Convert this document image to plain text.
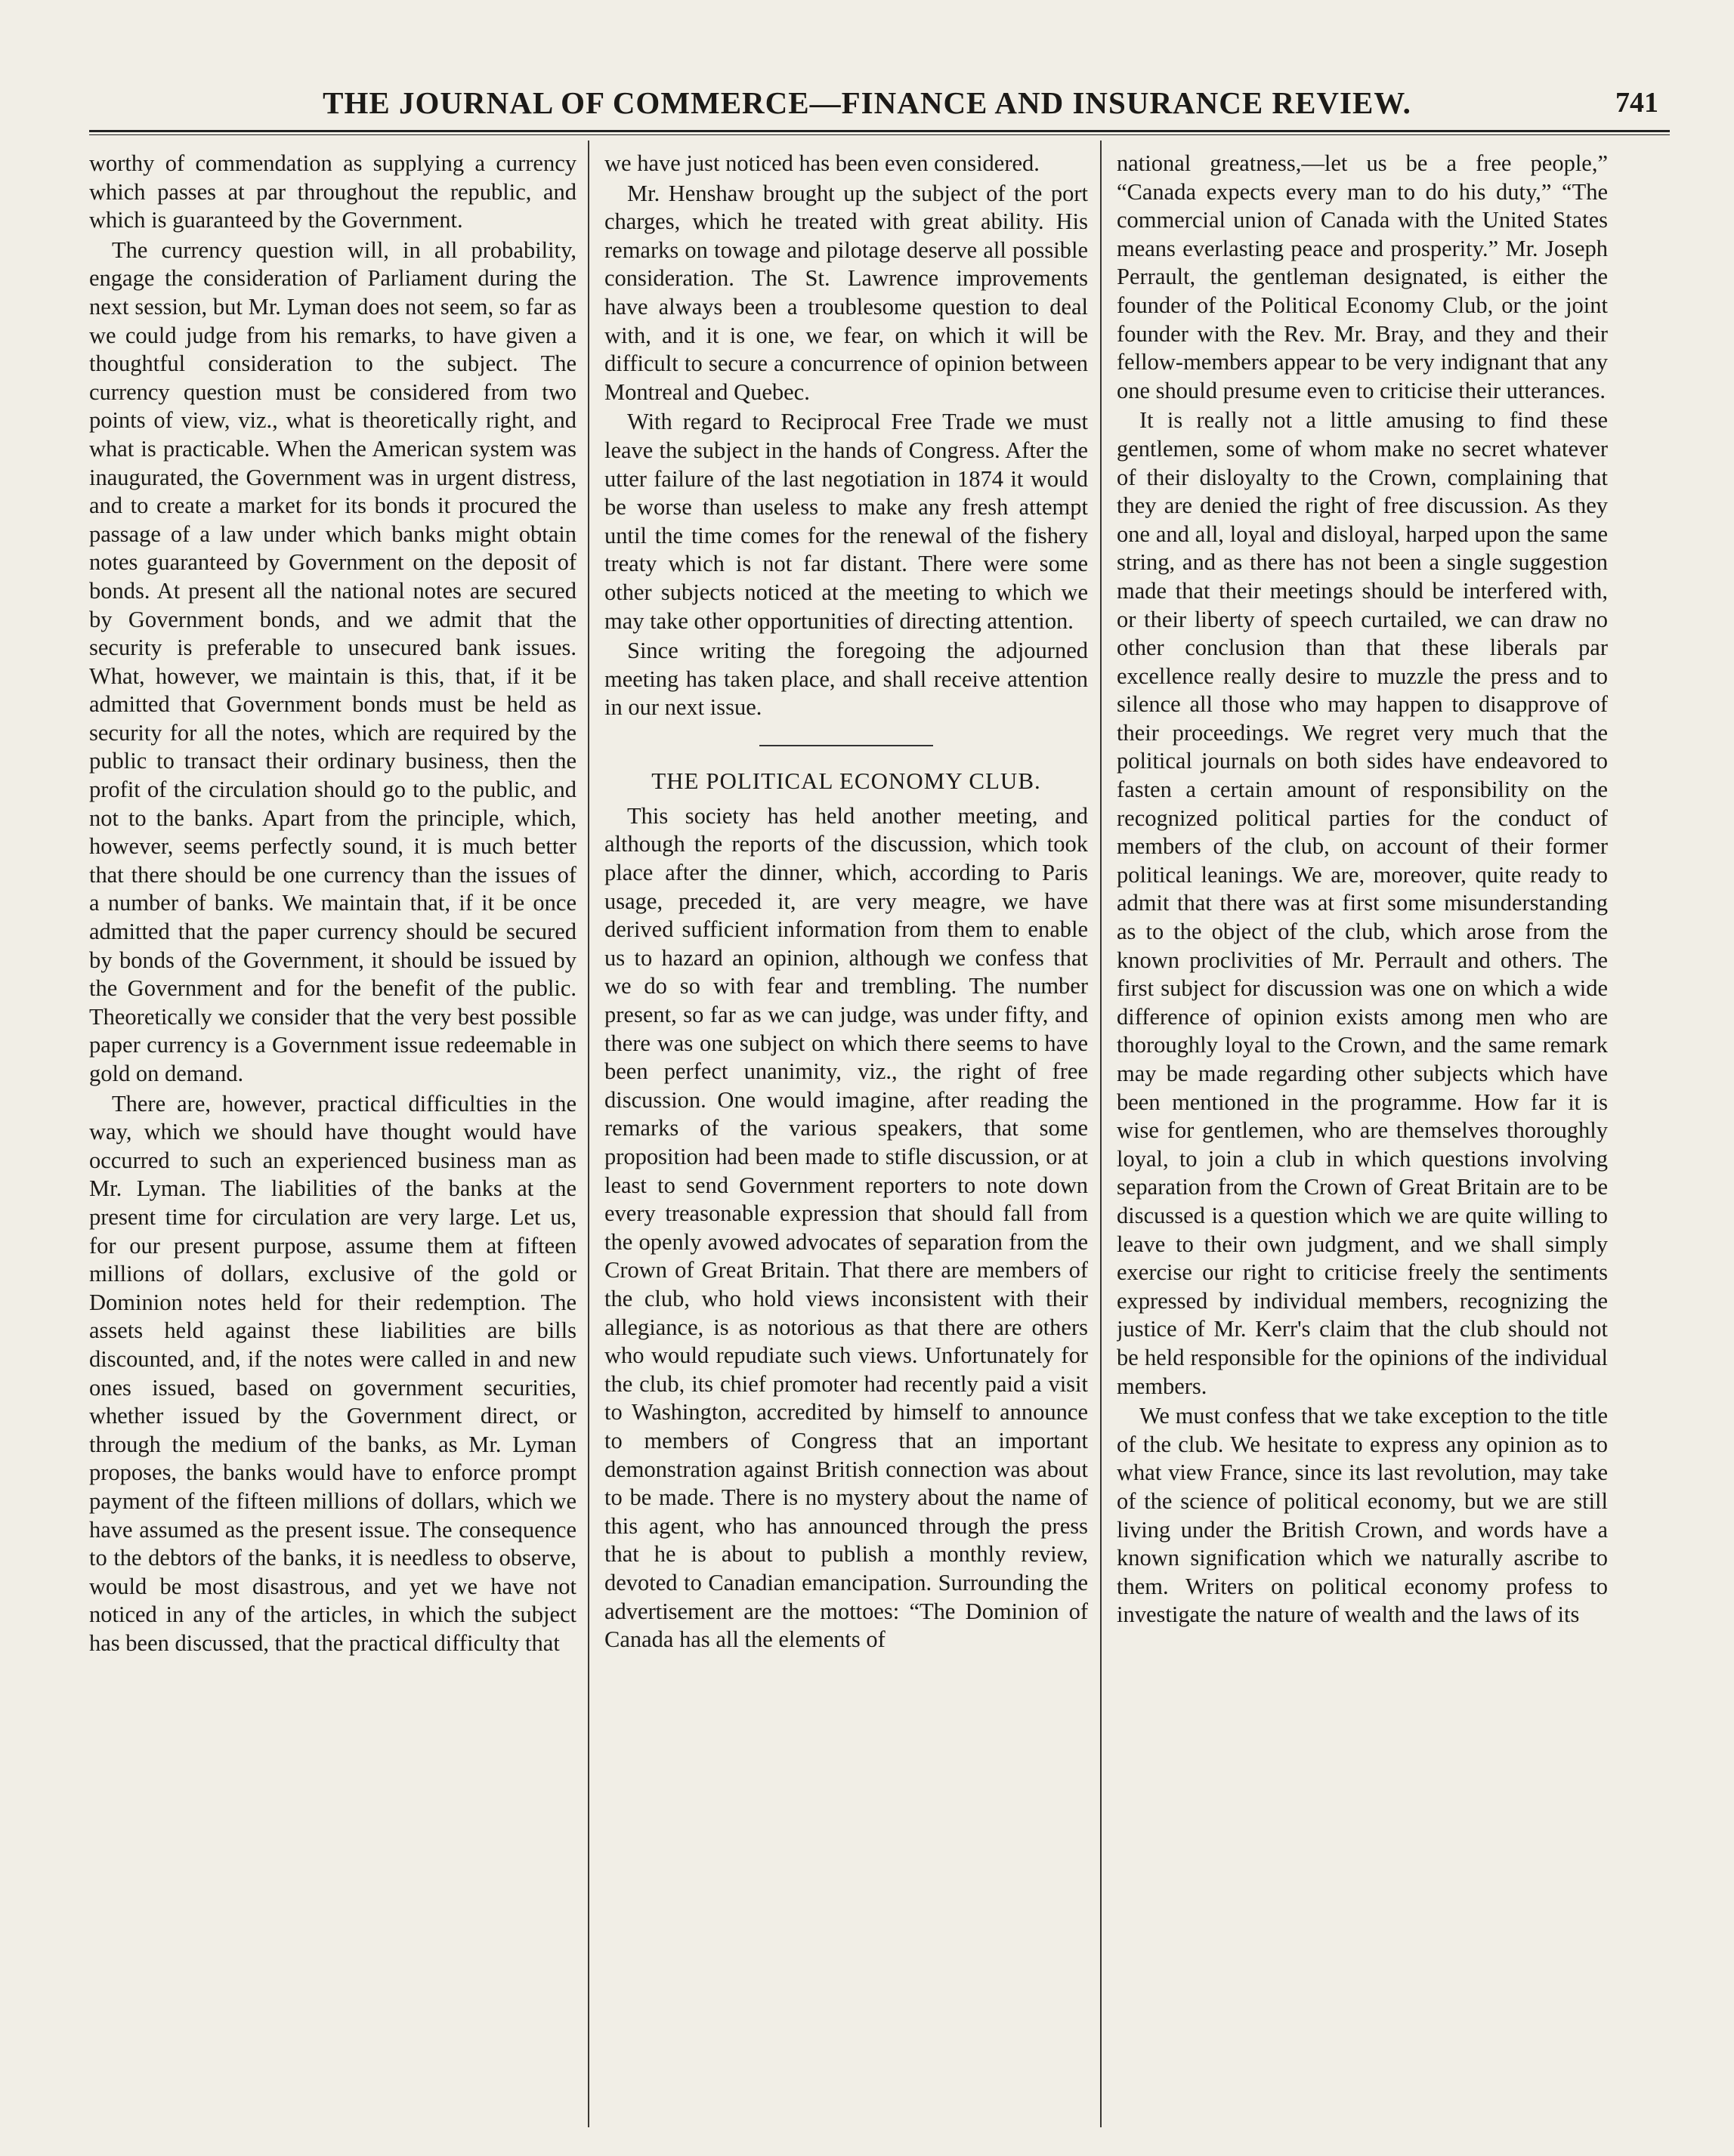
THE JOURNAL OF COMMERCE—FINANCE AND INSURANCE REVIEW.	741

worthy of commendation as supplying a currency which passes at par throughout the republic, and which is guaranteed by the Government.

The currency question will, in all probability, engage the consideration of Parliament during the next session, but Mr. Lyman does not seem, so far as we could judge from his remarks, to have given a thoughtful consideration to the subject. The currency question must be considered from two points of view, viz., what is theoretically right, and what is practicable. When the American system was inaugurated, the Government was in urgent distress, and to create a market for its bonds it procured the passage of a law under which banks might obtain notes guaranteed by Government on the deposit of bonds. At present all the national notes are secured by Government bonds, and we admit that the security is preferable to unsecured bank issues. What, however, we maintain is this, that, if it be admitted that Government bonds must be held as security for all the notes, which are required by the public to transact their ordinary business, then the profit of the circulation should go to the public, and not to the banks. Apart from the principle, which, however, seems perfectly sound, it is much better that there should be one currency than the issues of a number of banks. We maintain that, if it be once admitted that the paper currency should be secured by bonds of the Government, it should be issued by the Government and for the benefit of the public. Theoretically we consider that the very best possible paper currency is a Government issue redeemable in gold on demand.

There are, however, practical difficulties in the way, which we should have thought would have occurred to such an experienced business man as Mr. Lyman. The liabilities of the banks at the present time for circulation are very large. Let us, for our present purpose, assume them at fifteen millions of dollars, exclusive of the gold or Dominion notes held for their redemption. The assets held against these liabilities are bills discounted, and, if the notes were called in and new ones issued, based on government securities, whether issued by the Government direct, or through the medium of the banks, as Mr. Lyman proposes, the banks would have to enforce prompt payment of the fifteen millions of dollars, which we have assumed as the present issue. The consequence to the debtors of the banks, it is needless to observe, would be most disastrous, and yet we have not noticed in any of the articles, in which the subject has been discussed, that the practical difficulty that

we have just noticed has been even considered.

Mr. Henshaw brought up the subject of the port charges, which he treated with great ability. His remarks on towage and pilotage deserve all possible consideration. The St. Lawrence improvements have always been a troublesome question to deal with, and it is one, we fear, on which it will be difficult to secure a concurrence of opinion between Montreal and Quebec.

With regard to Reciprocal Free Trade we must leave the subject in the hands of Congress. After the utter failure of the last negotiation in 1874 it would be worse than useless to make any fresh attempt until the time comes for the renewal of the fishery treaty which is not far distant. There were some other subjects noticed at the meeting to which we may take other opportunities of directing attention.

Since writing the foregoing the adjourned meeting has taken place, and shall receive attention in our next issue.

THE POLITICAL ECONOMY CLUB.

This society has held another meeting, and although the reports of the discussion, which took place after the dinner, which, according to Paris usage, preceded it, are very meagre, we have derived sufficient information from them to enable us to hazard an opinion, although we confess that we do so with fear and trembling. The number present, so far as we can judge, was under fifty, and there was one subject on which there seems to have been perfect unanimity, viz., the right of free discussion. One would imagine, after reading the remarks of the various speakers, that some proposition had been made to stifle discussion, or at least to send Government reporters to note down every treasonable expression that should fall from the openly avowed advocates of separation from the Crown of Great Britain. That there are members of the club, who hold views inconsistent with their allegiance, is as notorious as that there are others who would repudiate such views. Unfortunately for the club, its chief promoter had recently paid a visit to Washington, accredited by himself to announce to members of Congress that an important demonstration against British connection was about to be made. There is no mystery about the name of this agent, who has announced through the press that he is about to publish a monthly review, devoted to Canadian emancipation. Surrounding the advertisement are the mottoes: “The Dominion of Canada has all the elements of

national greatness,—let us be a free people,” “Canada expects every man to do his duty,” “The commercial union of Canada with the United States means everlasting peace and prosperity.” Mr. Joseph Perrault, the gentleman designated, is either the founder of the Political Economy Club, or the joint founder with the Rev. Mr. Bray, and they and their fellow-members appear to be very indignant that any one should presume even to criticise their utterances.

It is really not a little amusing to find these gentlemen, some of whom make no secret whatever of their disloyalty to the Crown, complaining that they are denied the right of free discussion. As they one and all, loyal and disloyal, harped upon the same string, and as there has not been a single suggestion made that their meetings should be interfered with, or their liberty of speech curtailed, we can draw no other conclusion than that these liberals par excellence really desire to muzzle the press and to silence all those who may happen to disapprove of their proceedings. We regret very much that the political journals on both sides have endeavored to fasten a certain amount of responsibility on the recognized political parties for the conduct of members of the club, on account of their former political leanings. We are, moreover, quite ready to admit that there was at first some misunderstanding as to the object of the club, which arose from the known proclivities of Mr. Perrault and others. The first subject for discussion was one on which a wide difference of opinion exists among men who are thoroughly loyal to the Crown, and the same remark may be made regarding other subjects which have been mentioned in the programme. How far it is wise for gentlemen, who are themselves thoroughly loyal, to join a club in which questions involving separation from the Crown of Great Britain are to be discussed is a question which we are quite willing to leave to their own judgment, and we shall simply exercise our right to criticise freely the sentiments expressed by individual members, recognizing the justice of Mr. Kerr's claim that the club should not be held responsible for the opinions of the individual members.

We must confess that we take exception to the title of the club. We hesitate to express any opinion as to what view France, since its last revolution, may take of the science of political economy, but we are still living under the British Crown, and words have a known signification which we naturally ascribe to them. Writers on political economy profess to investigate the nature of wealth and the laws of its
